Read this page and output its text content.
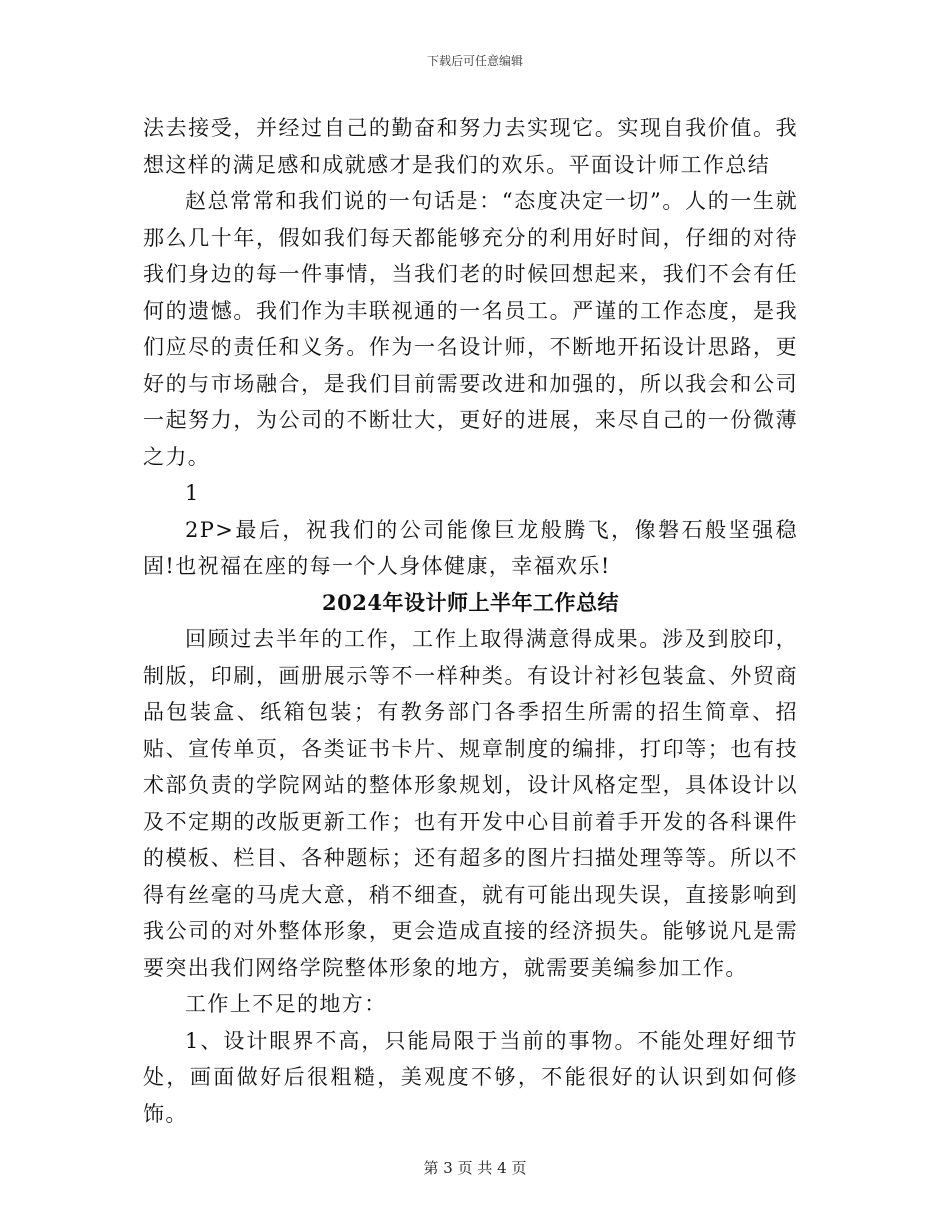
下载后可任意编辑

法去接受，并经过自己的勤奋和努力去实现它。实现自我价值。我想这样的满足感和成就感才是我们的欢乐。平面设计师工作总结

赵总常常和我们说的一句话是：“态度决定一切”。人的一生就那么几十年，假如我们每天都能够充分的利用好时间，仔细的对待我们身边的每一件事情，当我们老的时候回想起来，我们不会有任何的遗憾。我们作为丰联视通的一名员工。严谨的工作态度，是我们应尽的责任和义务。作为一名设计师，不断地开拓设计思路，更好的与市场融合，是我们目前需要改进和加强的，所以我会和公司一起努力，为公司的不断壮大，更好的进展，来尽自己的一份微薄之力。

1

2P>最后，祝我们的公司能像巨龙般腾飞，像磐石般坚强稳固!也祝福在座的每一个人身体健康，幸福欢乐!

2024年设计师上半年工作总结

回顾过去半年的工作，工作上取得满意得成果。涉及到胶印，制版，印刷，画册展示等不一样种类。有设计衬衫包装盒、外贸商品包装盒、纸箱包装；有教务部门各季招生所需的招生简章、招贴、宣传单页，各类证书卡片、规章制度的编排，打印等；也有技术部负责的学院网站的整体形象规划，设计风格定型，具体设计以及不定期的改版更新工作；也有开发中心目前着手开发的各科课件的模板、栏目、各种题标；还有超多的图片扫描处理等等。所以不得有丝毫的马虎大意，稍不细查，就有可能出现失误，直接影响到我公司的对外整体形象，更会造成直接的经济损失。能够说凡是需要突出我们网络学院整体形象的地方，就需要美编参加工作。

工作上不足的地方：

1、设计眼界不高，只能局限于当前的事物。不能处理好细节处，画面做好后很粗糙，美观度不够，不能很好的认识到如何修饰。

第 3 页 共 4 页
